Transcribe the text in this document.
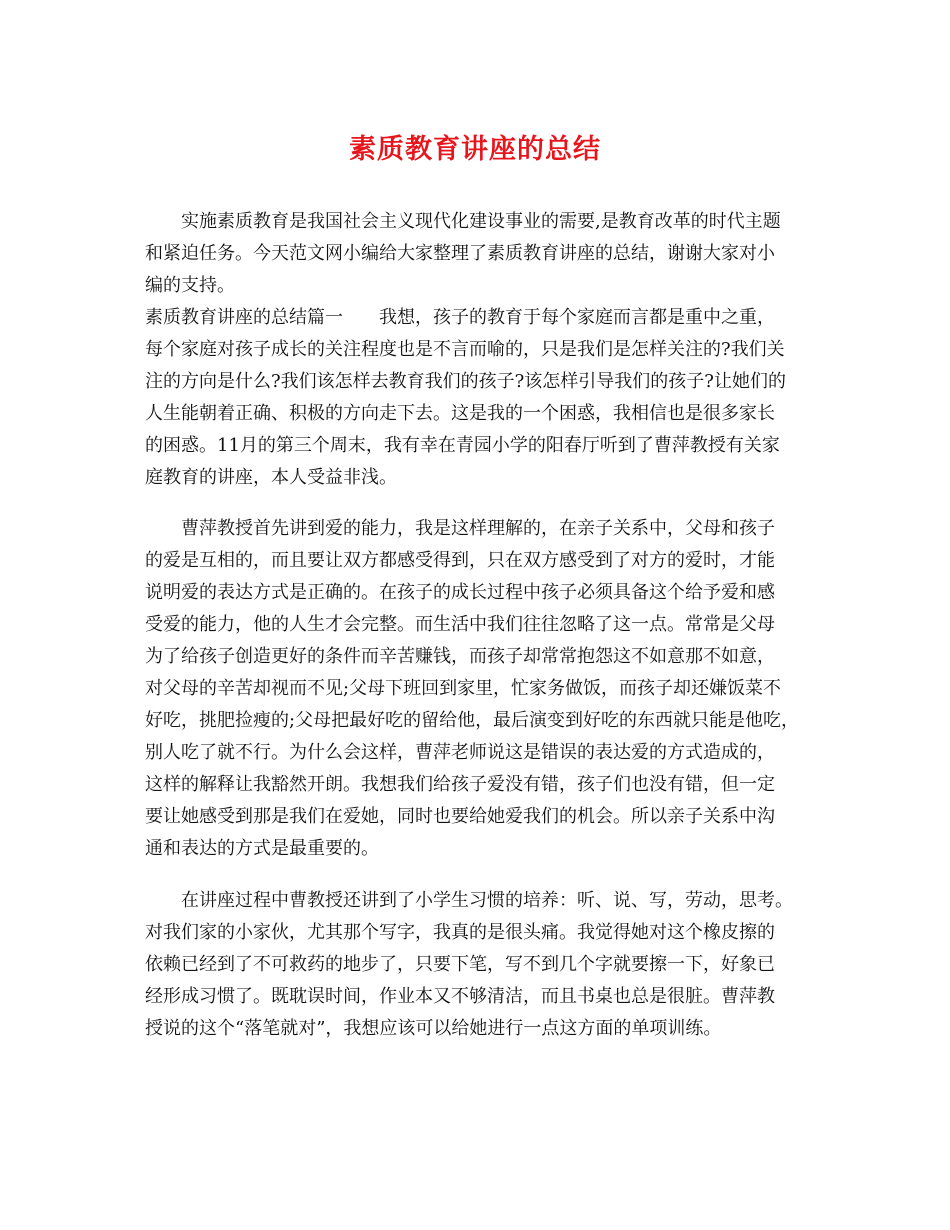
素质教育讲座的总结

实施素质教育是我国社会主义现代化建设事业的需要,是教育改革的时代主题

和紧迫任务。今天范文网小编给大家整理了素质教育讲座的总结，谢谢大家对小

编的支持。

素质教育讲座的总结篇一　　我想，孩子的教育于每个家庭而言都是重中之重，

每个家庭对孩子成长的关注程度也是不言而喻的，只是我们是怎样关注的?我们关

注的方向是什么?我们该怎样去教育我们的孩子?该怎样引导我们的孩子?让她们的

人生能朝着正确、积极的方向走下去。这是我的一个困惑，我相信也是很多家长

的困惑。11月的第三个周末，我有幸在青园小学的阳春厅听到了曹萍教授有关家

庭教育的讲座，本人受益非浅。

曹萍教授首先讲到爱的能力，我是这样理解的，在亲子关系中，父母和孩子

的爱是互相的，而且要让双方都感受得到，只在双方感受到了对方的爱时，才能

说明爱的表达方式是正确的。在孩子的成长过程中孩子必须具备这个给予爱和感

受爱的能力，他的人生才会完整。而生活中我们往往忽略了这一点。常常是父母

为了给孩子创造更好的条件而辛苦赚钱，而孩子却常常抱怨这不如意那不如意，

对父母的辛苦却视而不见;父母下班回到家里，忙家务做饭，而孩子却还嫌饭菜不

好吃，挑肥捡瘦的;父母把最好吃的留给他，最后演变到好吃的东西就只能是他吃，

别人吃了就不行。为什么会这样，曹萍老师说这是错误的表达爱的方式造成的，

这样的解释让我豁然开朗。我想我们给孩子爱没有错，孩子们也没有错，但一定

要让她感受到那是我们在爱她，同时也要给她爱我们的机会。所以亲子关系中沟

通和表达的方式是最重要的。

在讲座过程中曹教授还讲到了小学生习惯的培养：听、说、写，劳动，思考。

对我们家的小家伙，尤其那个写字，我真的是很头痛。我觉得她对这个橡皮擦的

依赖已经到了不可救药的地步了，只要下笔，写不到几个字就要擦一下，好象已

经形成习惯了。既耽误时间，作业本又不够清洁，而且书桌也总是很脏。曹萍教

授说的这个“落笔就对”，我想应该可以给她进行一点这方面的单项训练。
